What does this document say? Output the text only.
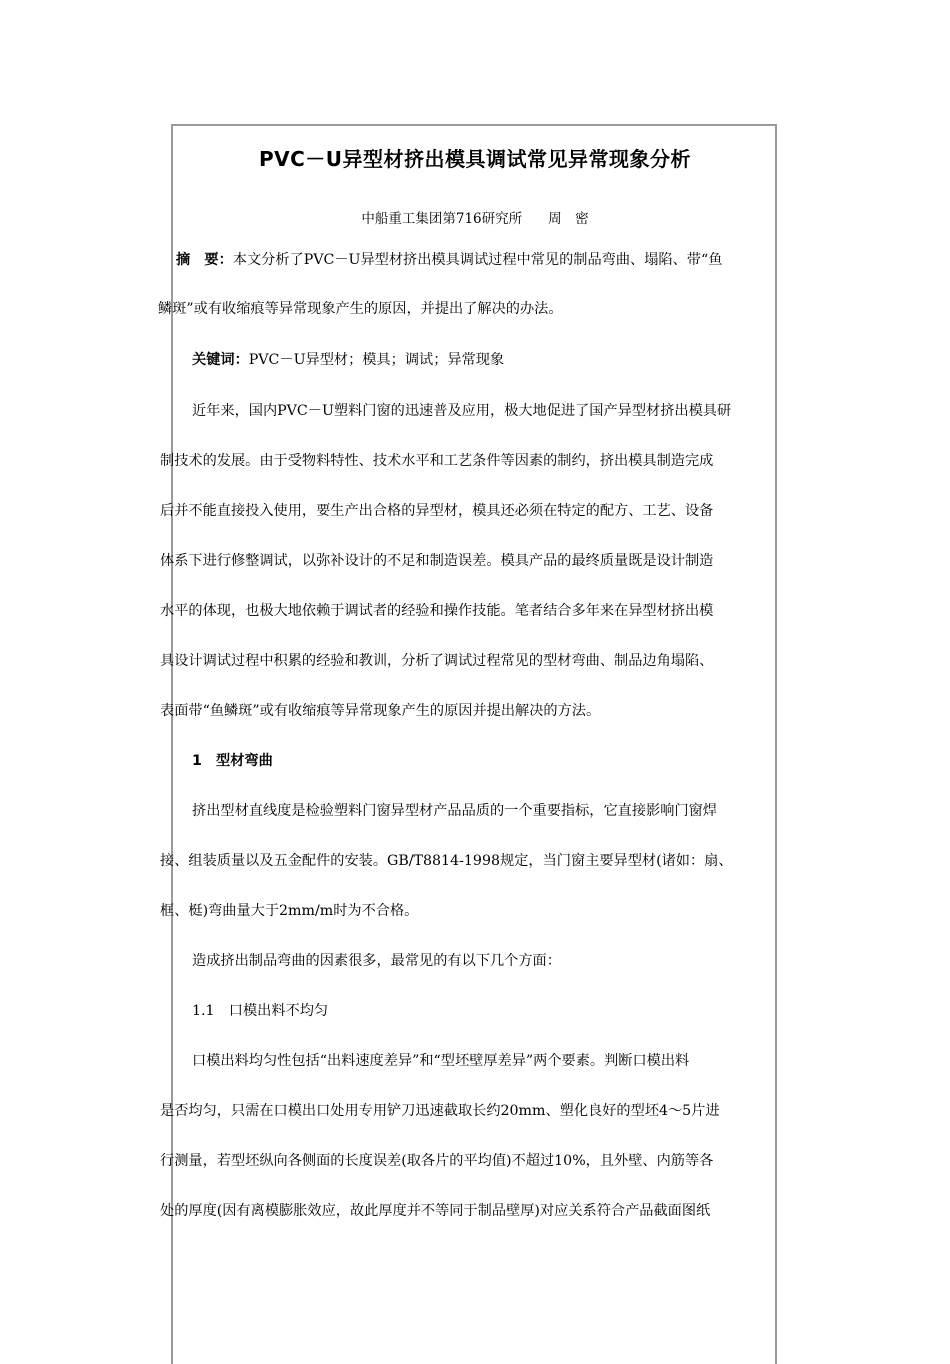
PVC－U异型材挤出模具调试常见异常现象分析
中船重工集团第716研究所 周　密
摘　要：本文分析了PVC－U异型材挤出模具调试过程中常见的制品弯曲、塌陷、带“鱼
鳞斑”或有收缩痕等异常现象产生的原因，并提出了解决的办法。
关键词：PVC－U异型材；模具；调试；异常现象
近年来，国内PVC－U塑料门窗的迅速普及应用，极大地促进了国产异型材挤出模具研
制技术的发展。由于受物料特性、技术水平和工艺条件等因素的制约，挤出模具制造完成
后并不能直接投入使用，要生产出合格的异型材，模具还必须在特定的配方、工艺、设备
体系下进行修整调试，以弥补设计的不足和制造误差。模具产品的最终质量既是设计制造
水平的体现，也极大地依赖于调试者的经验和操作技能。笔者结合多年来在异型材挤出模
具设计调试过程中积累的经验和教训，分析了调试过程常见的型材弯曲、制品边角塌陷、
表面带“鱼鳞斑”或有收缩痕等异常现象产生的原因并提出解决的方法。
1　型材弯曲
挤出型材直线度是检验塑料门窗异型材产品品质的一个重要指标，它直接影响门窗焊
接、组装质量以及五金配件的安装。GB/T8814-1998规定，当门窗主要异型材(诸如：扇、
框、梃)弯曲量大于2mm/m时为不合格。
造成挤出制品弯曲的因素很多，最常见的有以下几个方面：
1.1　口模出料不均匀
口模出料均匀性包括“出料速度差异”和“型坯壁厚差异”两个要素。判断口模出料
是否均匀，只需在口模出口处用专用铲刀迅速截取长约20mm、塑化良好的型坯4～5片进
行测量，若型坯纵向各侧面的长度误差(取各片的平均值)不超过10%，且外壁、内筋等各
处的厚度(因有离模膨胀效应，故此厚度并不等同于制品壁厚)对应关系符合产品截面图纸
